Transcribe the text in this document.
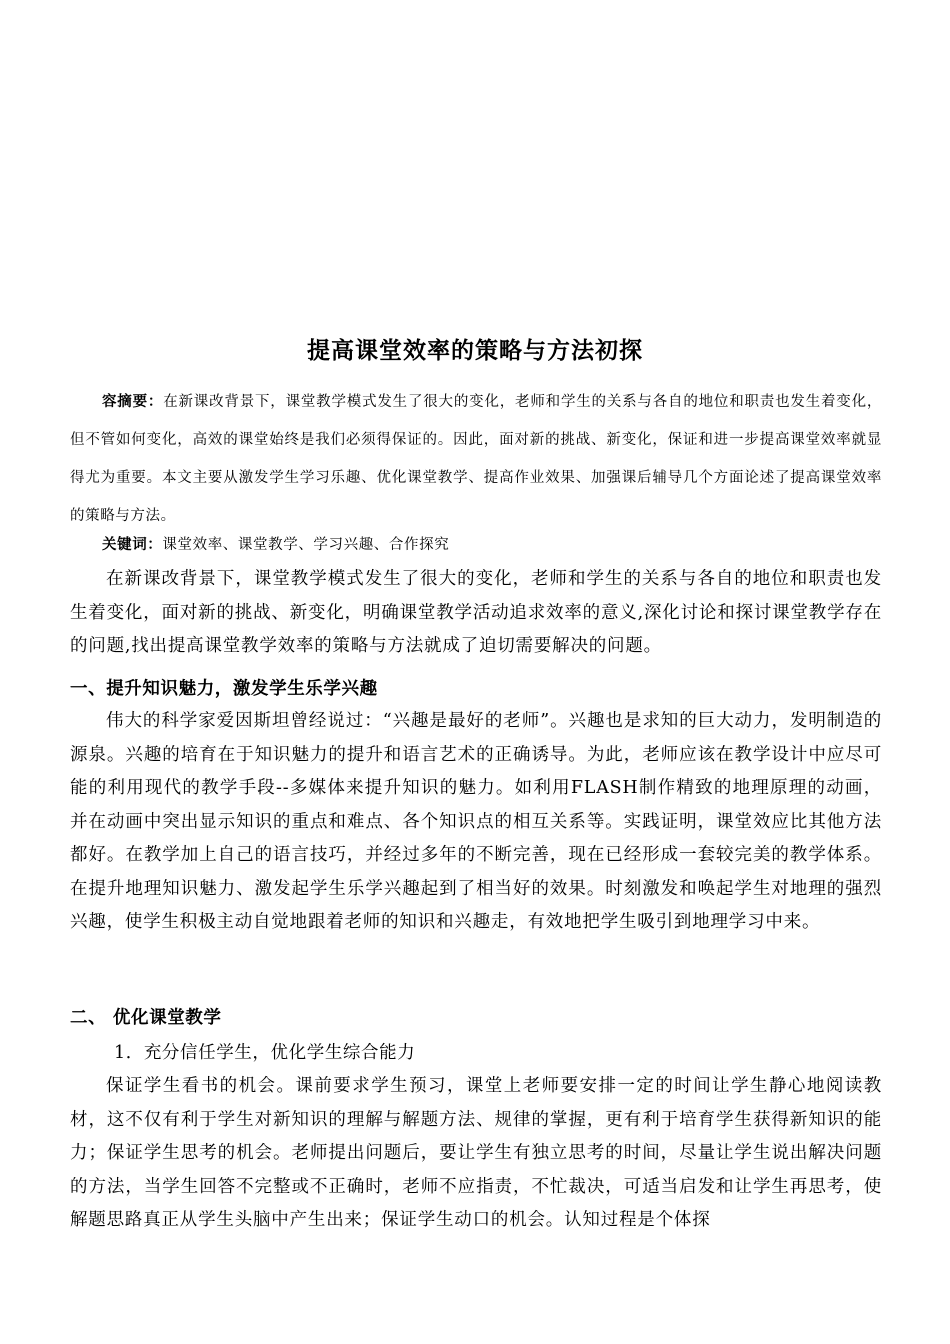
提高课堂效率的策略与方法初探
容摘要：在新课改背景下，课堂教学模式发生了很大的变化，老师和学生的关系与各自的地位和职责也发生着变化，但不管如何变化，高效的课堂始终是我们必须得保证的。因此，面对新的挑战、新变化，保证和进一步提高课堂效率就显得尤为重要。本文主要从激发学生学习乐趣、优化课堂教学、提高作业效果、加强课后辅导几个方面论述了提高课堂效率的策略与方法。
关键词：课堂效率、课堂教学、学习兴趣、合作探究
在新课改背景下，课堂教学模式发生了很大的变化，老师和学生的关系与各自的地位和职责也发生着变化，面对新的挑战、新变化，明确课堂教学活动追求效率的意义,深化讨论和探讨课堂教学存在的问题,找出提高课堂教学效率的策略与方法就成了迫切需要解决的问题。
一、提升知识魅力，激发学生乐学兴趣
伟大的科学家爱因斯坦曾经说过：“兴趣是最好的老师”。兴趣也是求知的巨大动力，发明制造的源泉。兴趣的培育在于知识魅力的提升和语言艺术的正确诱导。为此，老师应该在教学设计中应尽可能的利用现代的教学手段--多媒体来提升知识的魅力。如利用FLASH制作精致的地理原理的动画，并在动画中突出显示知识的重点和难点、各个知识点的相互关系等。实践证明，课堂效应比其他方法都好。在教学加上自己的语言技巧，并经过多年的不断完善，现在已经形成一套较完美的教学体系。在提升地理知识魅力、激发起学生乐学兴趣起到了相当好的效果。时刻激发和唤起学生对地理的强烈兴趣，使学生积极主动自觉地跟着老师的知识和兴趣走，有效地把学生吸引到地理学习中来。
二、 优化课堂教学
1．充分信任学生，优化学生综合能力
保证学生看书的机会。课前要求学生预习，课堂上老师要安排一定的时间让学生静心地阅读教材，这不仅有利于学生对新知识的理解与解题方法、规律的掌握，更有利于培育学生获得新知识的能力；保证学生思考的机会。老师提出问题后，要让学生有独立思考的时间，尽量让学生说出解决问题的方法，当学生回答不完整或不正确时，老师不应指责，不忙裁决，可适当启发和让学生再思考，使解题思路真正从学生头脑中产生出来；保证学生动口的机会。认知过程是个体探
